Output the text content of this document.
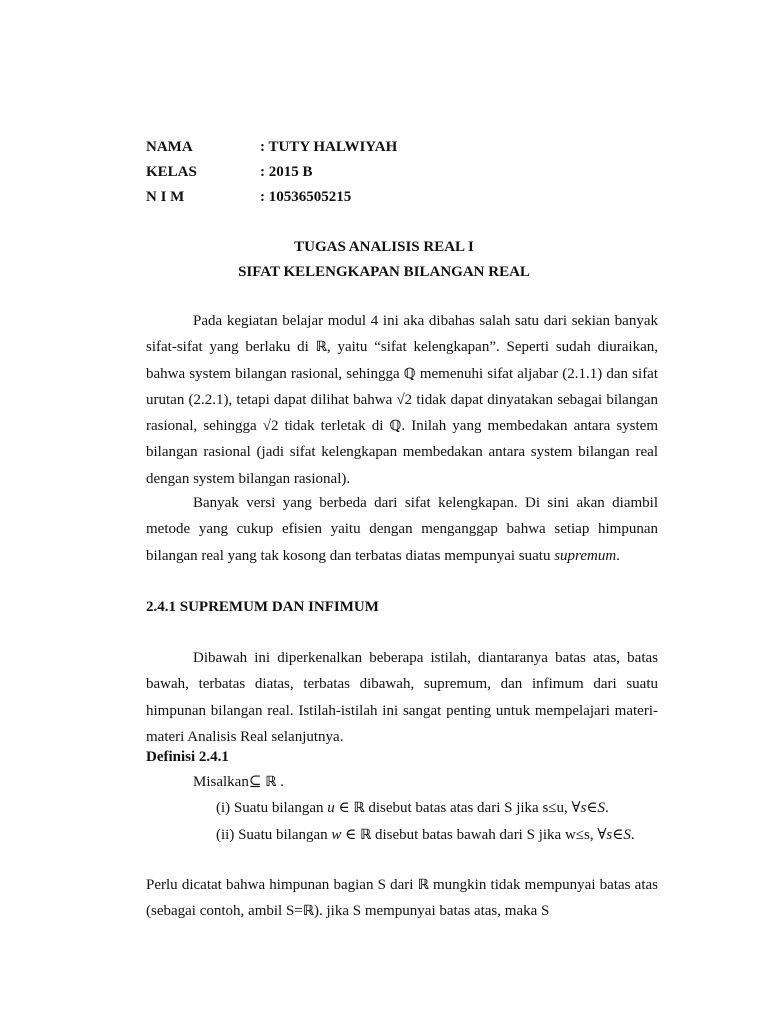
NAMA	: TUTY HALWIYAH
KELAS	: 2015 B
N I M	: 10536505215
TUGAS ANALISIS REAL I
SIFAT KELENGKAPAN BILANGAN REAL
Pada kegiatan belajar modul 4 ini aka dibahas salah satu dari sekian banyak sifat-sifat yang berlaku di ℝ, yaitu “sifat kelengkapan”. Seperti sudah diuraikan, bahwa system bilangan rasional, sehingga ℚ memenuhi sifat aljabar (2.1.1) dan sifat urutan (2.2.1), tetapi dapat dilihat bahwa √2 tidak dapat dinyatakan sebagai bilangan rasional, sehingga √2 tidak terletak di ℚ. Inilah yang membedakan antara system bilangan rasional (jadi sifat kelengkapan membedakan antara system bilangan real dengan system bilangan rasional).
Banyak versi yang berbeda dari sifat kelengkapan. Di sini akan diambil metode yang cukup efisien yaitu dengan menganggap bahwa setiap himpunan bilangan real yang tak kosong dan terbatas diatas mempunyai suatu supremum.
2.4.1 SUPREMUM DAN INFIMUM
Dibawah ini diperkenalkan beberapa istilah, diantaranya batas atas, batas bawah, terbatas diatas, terbatas dibawah, supremum, dan infimum dari suatu himpunan bilangan real. Istilah-istilah ini sangat penting untuk mempelajari materi-materi Analisis Real selanjutnya.
Definisi 2.4.1
Misalkan⊆ ℝ .
(i) Suatu bilangan u ∈ ℝ disebut batas atas dari S jika s≤u, ∀s∈S.
(ii) Suatu bilangan w ∈ ℝ disebut batas bawah dari S jika w≤s, ∀s∈S.
Perlu dicatat bahwa himpunan bagian S dari ℝ mungkin tidak mempunyai batas atas (sebagai contoh, ambil S=ℝ). jika S mempunyai batas atas, maka S
